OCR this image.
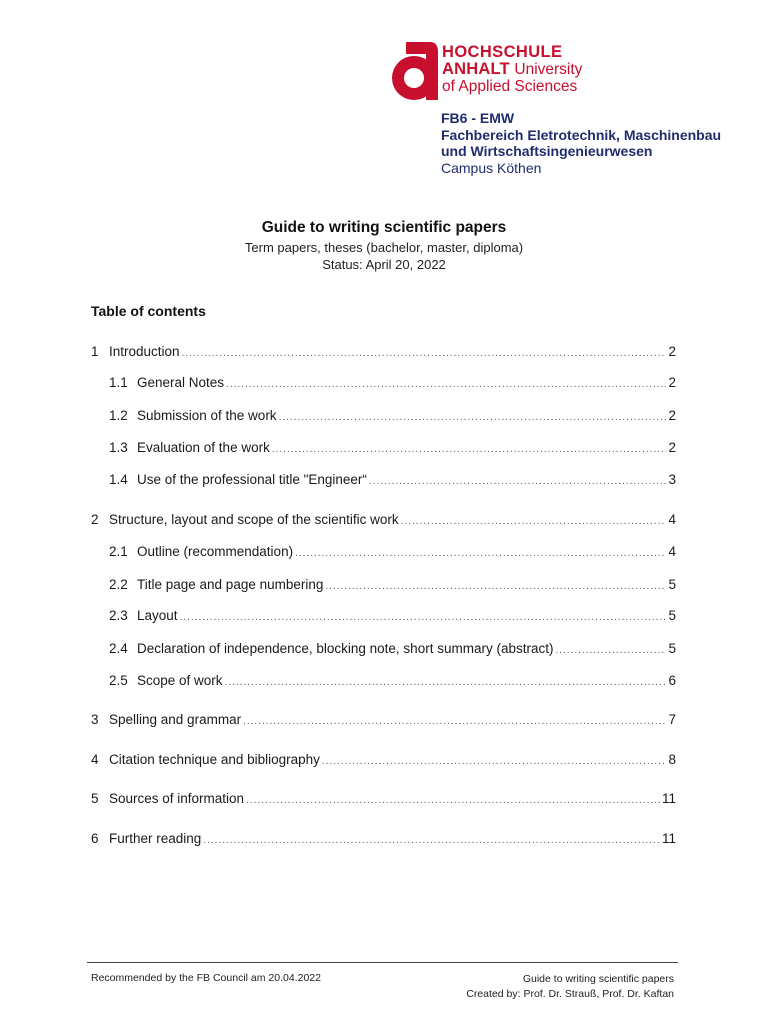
HOCHSCHULE
ANHALT University
of Applied Sciences
FB6 - EMW
Fachbereich Eletrotechnik, Maschinenbau
und Wirtschaftsingenieurwesen
Campus Köthen
Guide to writing scientific papers
Term papers, theses (bachelor, master, diploma)
Status: April 20, 2022
Table of contents
1 Introduction .....	2
1.1 General Notes .....	2
1.2 Submission of the work .....	2
1.3 Evaluation of the work .....	2
1.4 Use of the professional title "Engineer“ .....	3
2 Structure, layout and scope of the scientific work .....	4
2.1 Outline (recommendation) .....	4
2.2 Title page and page numbering .....	5
2.3 Layout .....	5
2.4 Declaration of independence, blocking note, short summary (abstract) .....	5
2.5 Scope of work .....	6
3 Spelling and grammar .....	7
4 Citation technique and bibliography .....	8
5 Sources of information .....	11
6 Further reading .....	11
Recommended by the FB Council am 20.04.2022	Guide to writing scientific papers
Created by: Prof. Dr. Strauß, Prof. Dr. Kaftan
